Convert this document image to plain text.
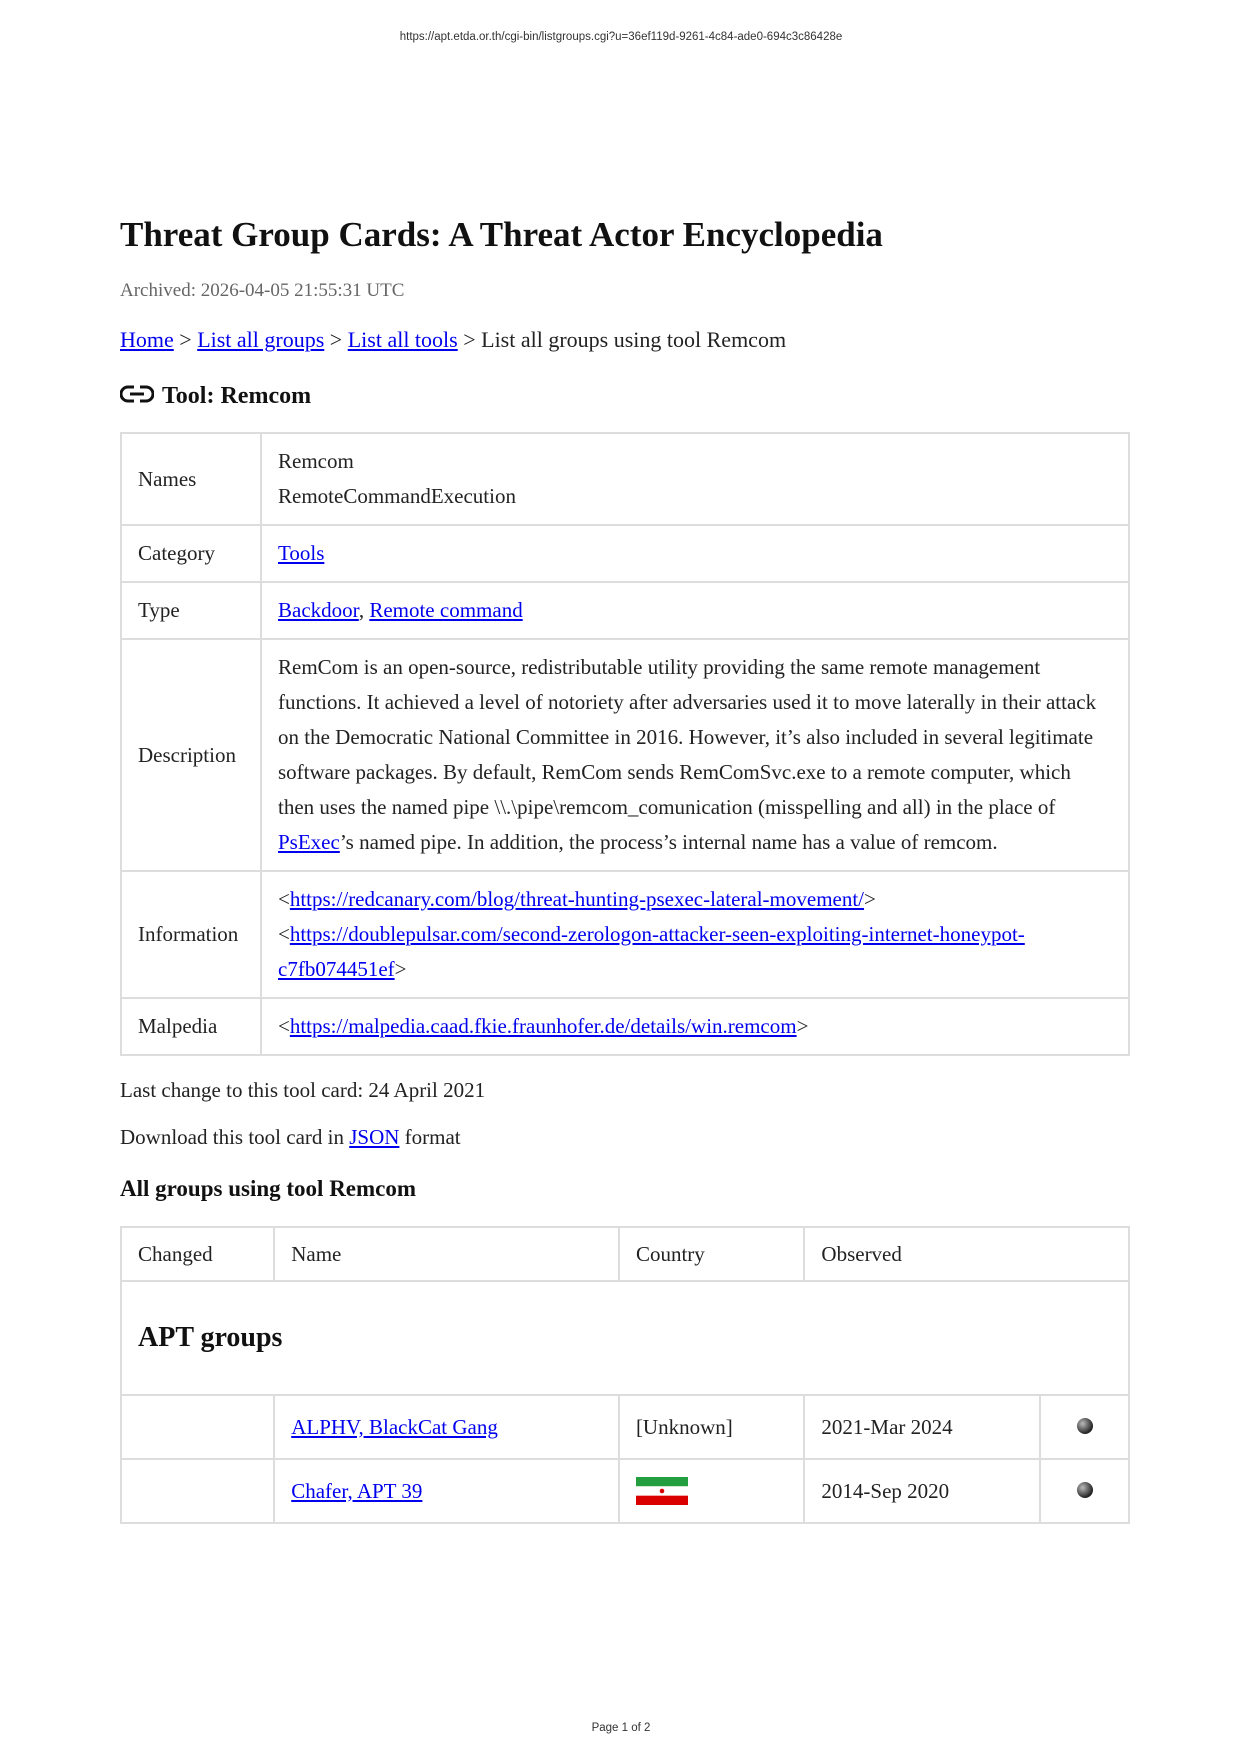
https://apt.etda.or.th/cgi-bin/listgroups.cgi?u=36ef119d-9261-4c84-ade0-694c3c86428e
Threat Group Cards: A Threat Actor Encyclopedia
Archived: 2026-04-05 21:55:31 UTC
Home > List all groups > List all tools > List all groups using tool Remcom
Tool: Remcom
Names	Remcom
RemoteCommandExecution

Category	Tools
Type	Backdoor, Remote command
Description	RemCom is an open-source, redistributable utility providing the same remote management functions. It achieved a level of notoriety after adversaries used it to move laterally in their attack on the Democratic National Committee in 2016. However, it’s also included in several legitimate software packages. By default, RemCom sends RemComSvc.exe to a remote computer, which then uses the named pipe \\.\pipe\remcom_comunication (misspelling and all) in the place of PsExec’s named pipe. In addition, the process’s internal name has a value of remcom.
Information	<https://redcanary.com/blog/threat-hunting-psexec-lateral-movement/>
<https://doublepulsar.com/second-zerologon-attacker-seen-exploiting-internet-honeypot-c7fb074451ef>

Malpedia	<https://malpedia.caad.fkie.fraunhofer.de/details/win.remcom>
Last change to this tool card: 24 April 2021
Download this tool card in JSON format
All groups using tool Remcom
Changed	Name	Country	Observed	
APT groups				
	ALPHV, BlackCat Gang	[Unknown]	2021-Mar 2024	
	Chafer, APT 39		2014-Sep 2020	
Page 1 of 2
